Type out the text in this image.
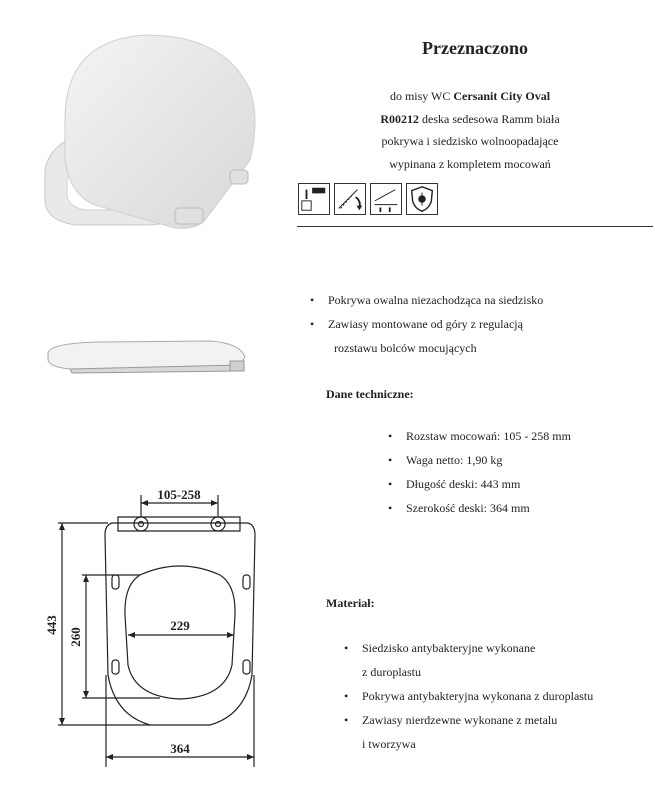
105-258
443
260
229
364
Przeznaczono
do misy WC Cersanit City Oval
R00212 deska sedesowa Ramm biała
pokrywa i siedzisko wolnoopadające
wypinana z kompletem mocowań
• Pokrywa owalna niezachodząca na siedzisko
• Zawiasy montowane od góry z regulacją
rozstawu bolców mocujących
Dane techniczne:
• Rozstaw mocowań: 105 - 258 mm
• Waga netto: 1,90 kg
• Długość deski: 443 mm
• Szerokość deski: 364 mm
Materiał:
• Siedzisko antybakteryjne wykonane
z duroplastu
• Pokrywa antybakteryjna wykonana z duroplastu
• Zawiasy nierdzewne wykonane z metalu
i tworzywa
